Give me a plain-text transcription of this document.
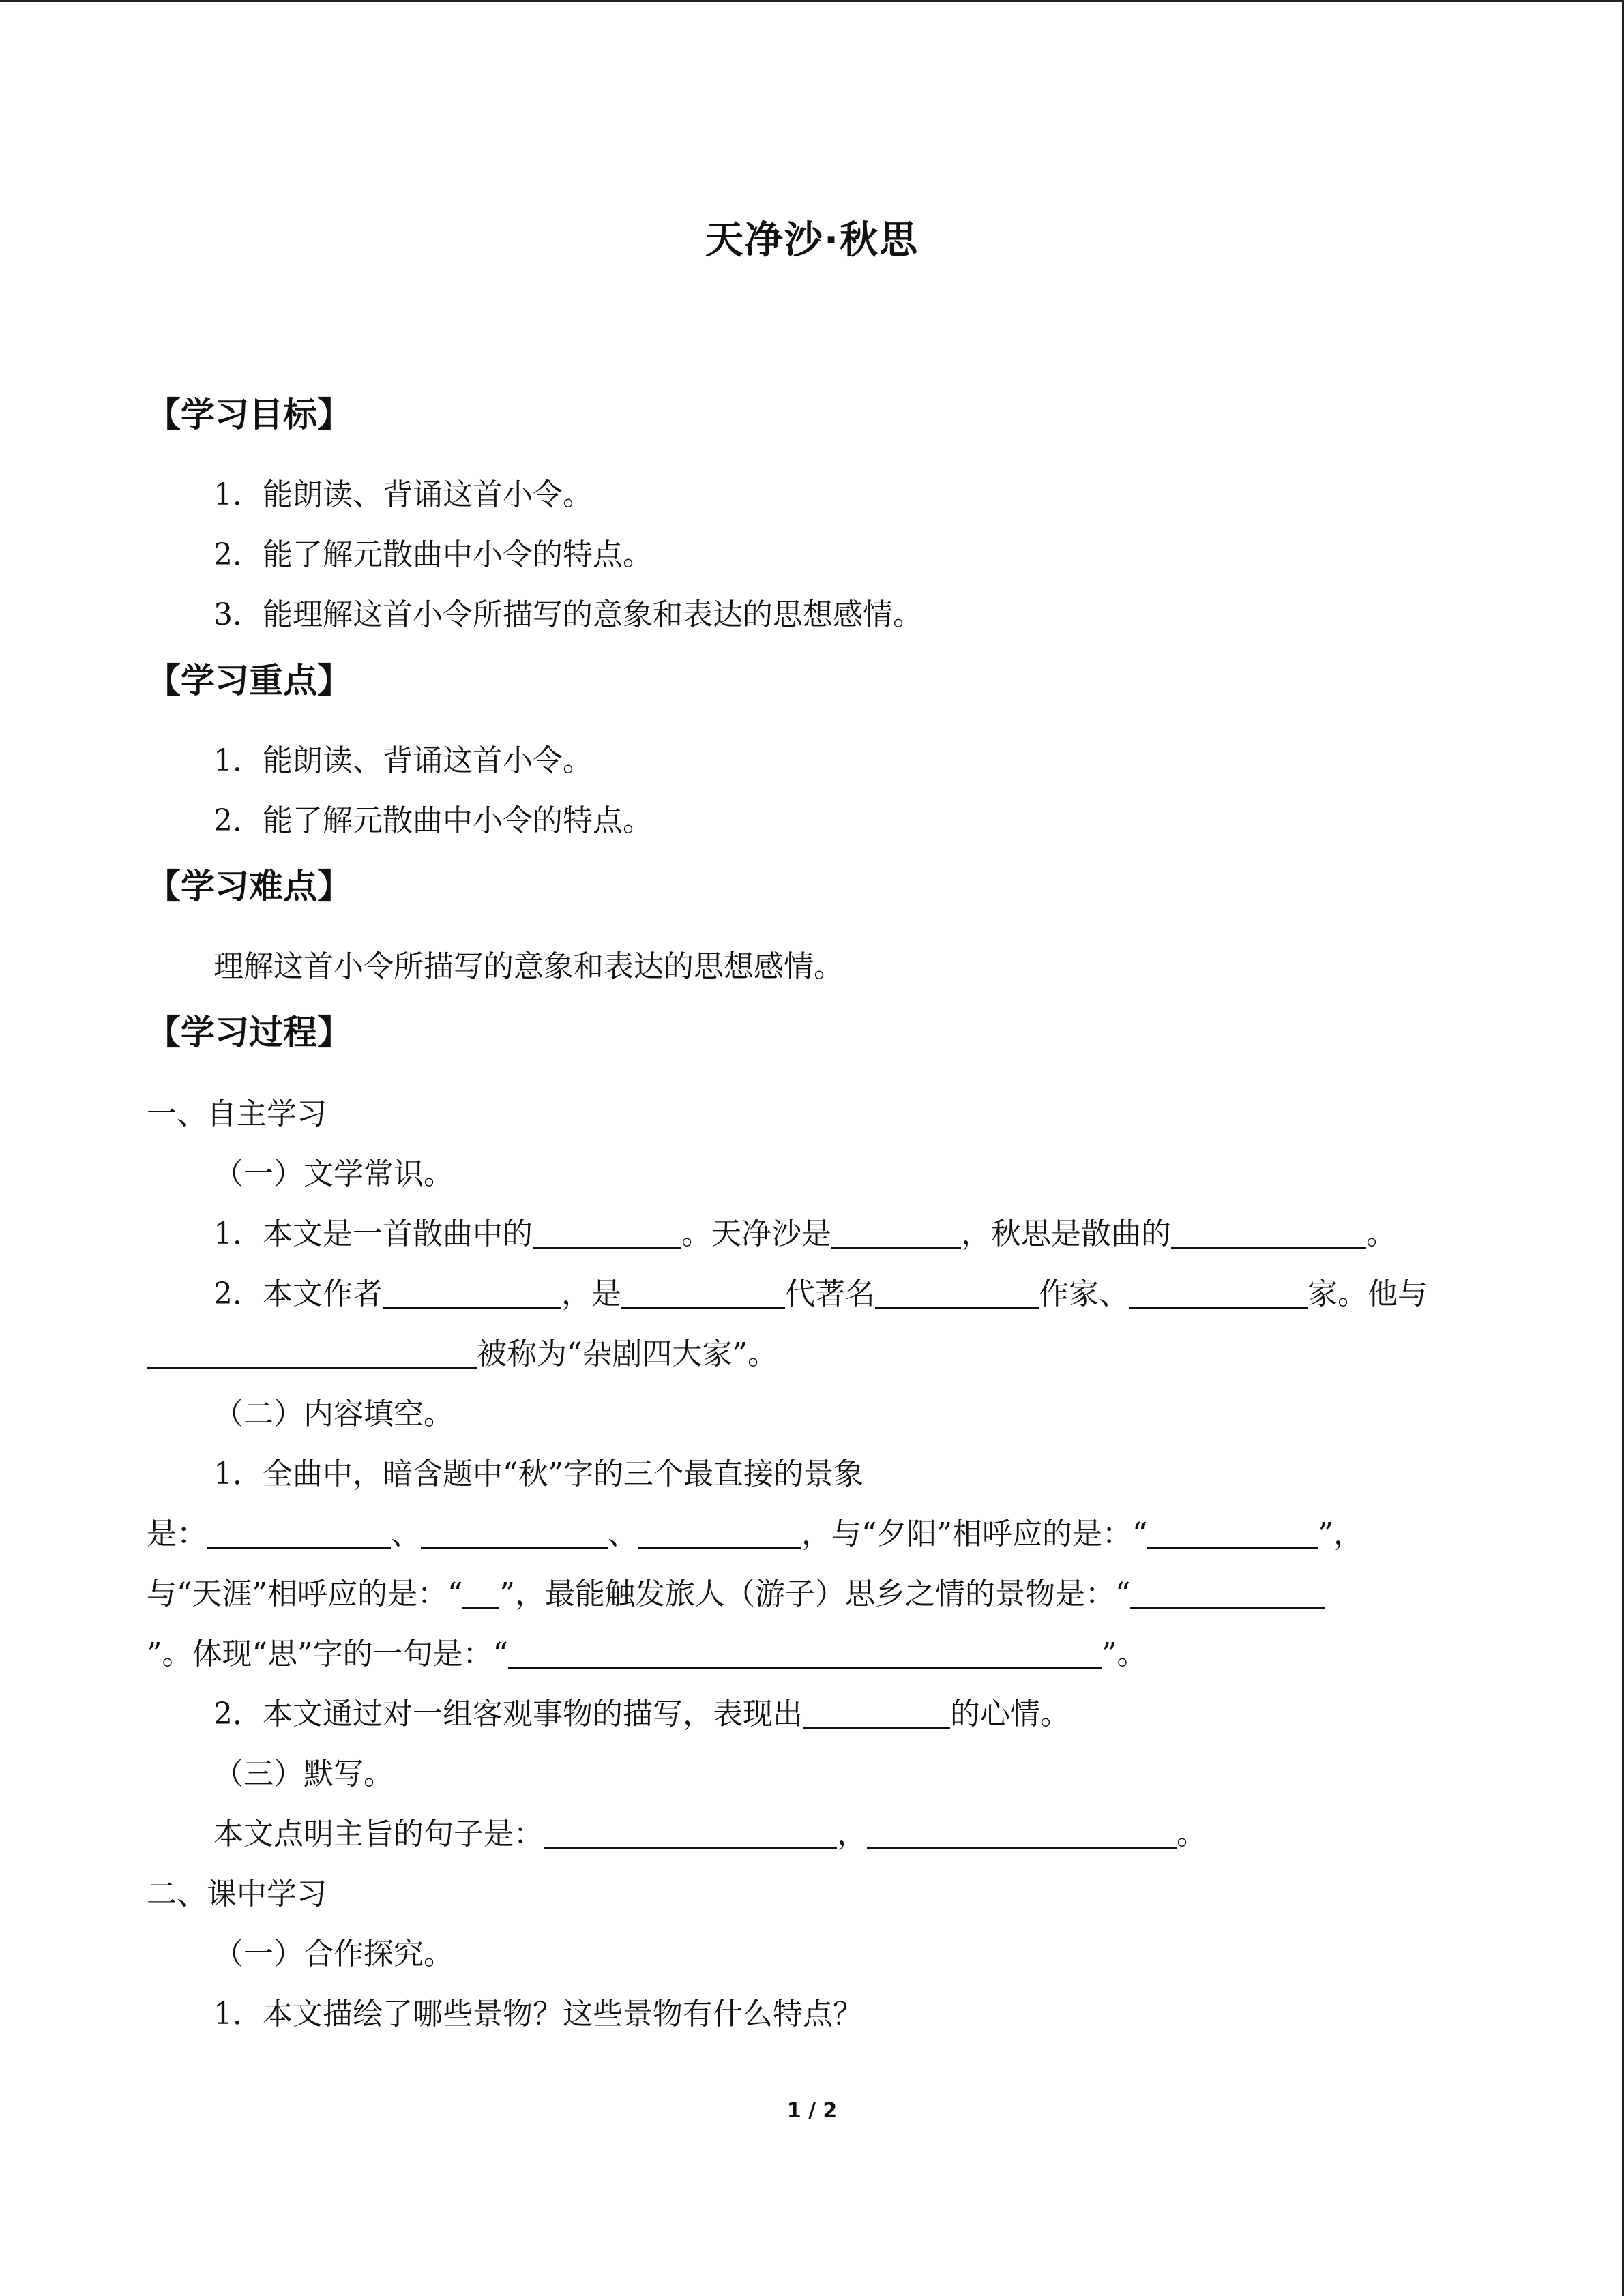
天净沙·秋思
【学习目标】
1．能朗读、背诵这首小令。
2．能了解元散曲中小令的特点。
3．能理解这首小令所描写的意象和表达的思想感情。
【学习重点】
1．能朗读、背诵这首小令。
2．能了解元散曲中小令的特点。
【学习难点】
理解这首小令所描写的意象和表达的思想感情。
【学习过程】
一、自主学习
（一）文学常识。
1．本文是一首散曲中的	。天净沙是	，秋思是散曲的	。
2．本文作者	，是	代著名	作家、	家。他与
被称为“杂剧四大家”。
（二）内容填空。
1．全曲中，暗含题中“秋”字的三个最直接的景象
是：	、	、	，与“夕阳”相呼应的是：“	”，
与“天涯”相呼应的是：“ ”，最能触发旅人（游子）思乡之情的景物是：“
”。体现“思”字的一句是：“	”。
2．本文通过对一组客观事物的描写，表现出	的心情。
（三）默写。
本文点明主旨的句子是：	，	。
二、课中学习
（一）合作探究。
1．本文描绘了哪些景物？这些景物有什么特点？
1 / 2
